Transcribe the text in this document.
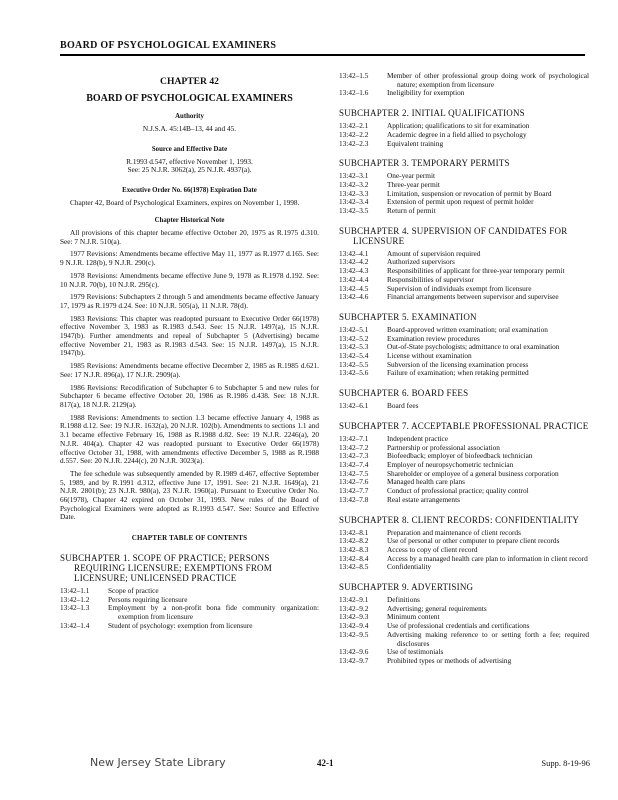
BOARD OF PSYCHOLOGICAL EXAMINERS
CHAPTER 42
BOARD OF PSYCHOLOGICAL EXAMINERS
Authority
N.J.S.A. 45:14B–13, 44 and 45.
Source and Effective Date
R.1993 d.547, effective November 1, 1993.
See: 25 N.J.R. 3062(a), 25 N.J.R. 4937(a).
Executive Order No. 66(1978) Expiration Date
Chapter 42, Board of Psychological Examiners, expires on November 1, 1998.
Chapter Historical Note
All provisions of this chapter became effective October 20, 1975 as R.1975 d.310. See: 7 N.J.R. 510(a).
1977 Revisions: Amendments became effective May 11, 1977 as R.1977 d.165. See: 9 N.J.R. 128(b), 9 N.J.R. 290(c).
1978 Revisions: Amendments became effective June 9, 1978 as R.1978 d.192. See: 10 N.J.R. 70(b), 10 N.J.R. 295(c).
1979 Revisions: Subchapters 2 through 5 and amendments became effective January 17, 1979 as R.1979 d.24. See: 10 N.J.R. 505(a), 11 N.J.R. 78(d).
1983 Revisions: This chapter was readopted pursuant to Executive Order 66(1978) effective November 3, 1983 as R.1983 d.543. See: 15 N.J.R. 1497(a), 15 N.J.R. 1947(b). Further amendments and repeal of Subchapter 5 (Advertising) became effective November 21, 1983 as R.1983 d.543. See: 15 N.J.R. 1497(a), 15 N.J.R. 1947(b).
1985 Revisions: Amendments became effective December 2, 1985 as R.1985 d.621. See: 17 N.J.R. 896(a), 17 N.J.R. 2909(a).
1986 Revisions: Recodification of Subchapter 6 to Subchapter 5 and new rules for Subchapter 6 became effective October 20, 1986 as R.1986 d.438. See: 18 N.J.R. 817(a), 18 N.J.R. 2129(a).
1988 Revisions: Amendments to section 1.3 became effective January 4, 1988 as R.1988 d.12. See: 19 N.J.R. 1632(a), 20 N.J.R. 102(b). Amendments to sections 1.1 and 3.1 became effective February 16, 1988 as R.1988 d.82. See: 19 N.J.R. 2246(a), 20 N.J.R. 404(a). Chapter 42 was readopted pursuant to Executive Order 66(1978) effective October 31, 1988, with amendments effective December 5, 1988 as R.1988 d.557. See: 20 N.J.R. 2244(c), 20 N.J.R. 3023(a).
The fee schedule was subsequently amended by R.1989 d.467, effective September 5, 1989, and by R.1991 d.312, effective June 17, 1991. See: 21 N.J.R. 1649(a), 21 N.J.R. 2801(b); 23 N.J.R. 980(a), 23 N.J.R. 1960(a). Pursuant to Executive Order No. 66(1978), Chapter 42 expired on October 31, 1993. New rules of the Board of Psychological Examiners were adopted as R.1993 d.547. See: Source and Effective Date.
CHAPTER TABLE OF CONTENTS
SUBCHAPTER 1. SCOPE OF PRACTICE; PERSONS REQUIRING LICENSURE; EXEMPTIONS FROM LICENSURE; UNLICENSED PRACTICE
13:42–1.1	Scope of practice
13:42–1.2	Persons requiring licensure
13:42–1.3	Employment by a non-profit bona fide community organization: exemption from licensure
13:42–1.4	Student of psychology: exemption from licensure
13:42–1.5	Member of other professional group doing work of psychological nature; exemption from licensure
13:42–1.6	Ineligibility for exemption
SUBCHAPTER 2. INITIAL QUALIFICATIONS
13:42–2.1	Application; qualifications to sit for examination
13:42–2.2	Academic degree in a field allied to psychology
13:42–2.3	Equivalent training
SUBCHAPTER 3. TEMPORARY PERMITS
13:42–3.1	One-year permit
13:42–3.2	Three-year permit
13:42–3.3	Limitation, suspension or revocation of permit by Board
13:42–3.4	Extension of permit upon request of permit holder
13:42–3.5	Return of permit
SUBCHAPTER 4. SUPERVISION OF CANDIDATES FOR LICENSURE
13:42–4.1	Amount of supervision required
13:42–4.2	Authorized supervisors
13:42–4.3	Responsibilities of applicant for three-year temporary permit
13:42–4.4	Responsibilities of supervisor
13:42–4.5	Supervision of individuals exempt from licensure
13:42–4.6	Financial arrangements between supervisor and supervisee
SUBCHAPTER 5. EXAMINATION
13:42–5.1	Board-approved written examination; oral examination
13:42–5.2	Examination review procedures
13:42–5.3	Out-of-State psychologists; admittance to oral examination
13:42–5.4	License without examination
13:42–5.5	Subversion of the licensing examination process
13:42–5.6	Failure of examination; when retaking permitted
SUBCHAPTER 6. BOARD FEES
13:42–6.1	Board fees
SUBCHAPTER 7. ACCEPTABLE PROFESSIONAL PRACTICE
13:42–7.1	Independent practice
13:42–7.2	Partnership or professional association
13:42–7.3	Biofeedback; employer of biofeedback technician
13:42–7.4	Employer of neuropsychometric technician
13:42–7.5	Shareholder or employee of a general business corporation
13:42–7.6	Managed health care plans
13:42–7.7	Conduct of professional practice; quality control
13:42–7.8	Real estate arrangements
SUBCHAPTER 8. CLIENT RECORDS: CONFIDENTIALITY
13:42–8.1	Preparation and maintenance of client records
13:42–8.2	Use of personal or other computer to prepare client records
13:42–8.3	Access to copy of client record
13:42–8.4	Access by a managed health care plan to information in client record
13:42–8.5	Confidentiality
SUBCHAPTER 9. ADVERTISING
13:42–9.1	Definitions
13:42–9.2	Advertising; general requirements
13:42–9.3	Minimum content
13:42–9.4	Use of professional credentials and certifications
13:42–9.5	Advertising making reference to or setting forth a fee; required disclosures
13:42–9.6	Use of testimonials
13:42–9.7	Prohibited types or methods of advertising
New Jersey State Library	42-1	Supp. 8-19-96
